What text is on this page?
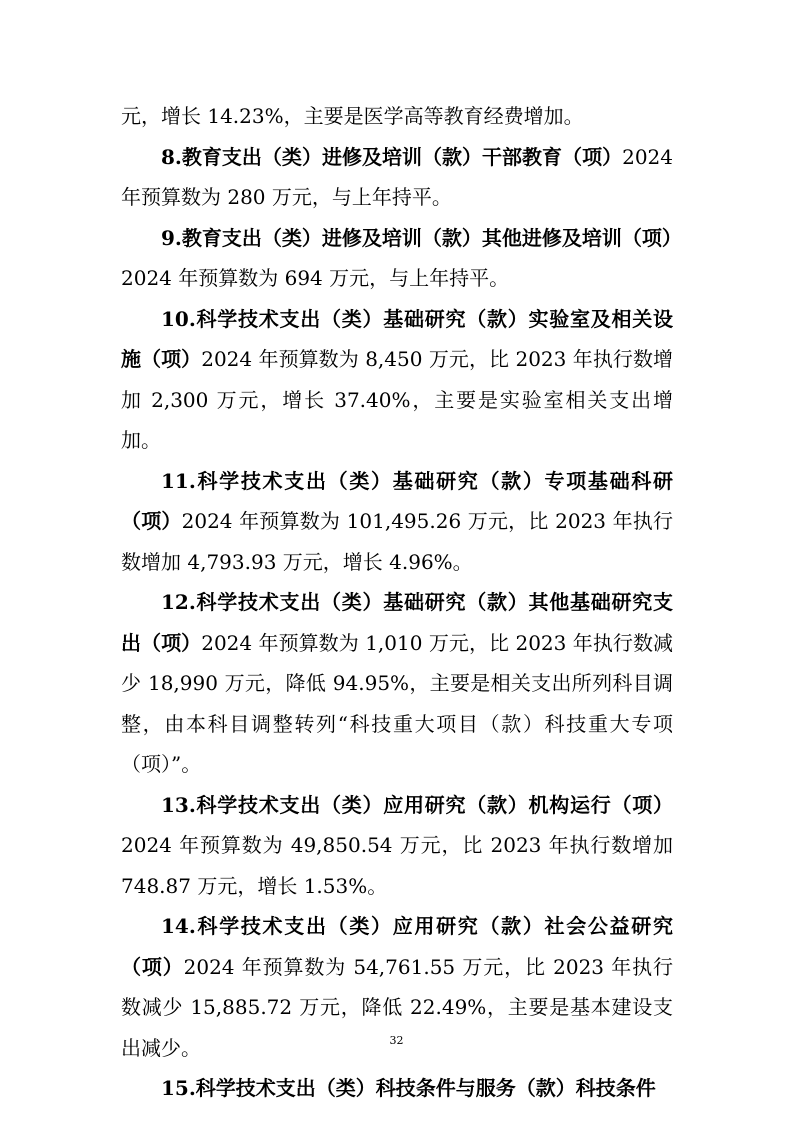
元，增长 14.23%，主要是医学高等教育经费增加。

8.教育支出（类）进修及培训（款）干部教育（项）2024 年预算数为 280 万元，与上年持平。

9.教育支出（类）进修及培训（款）其他进修及培训（项）2024 年预算数为 694 万元，与上年持平。

10.科学技术支出（类）基础研究（款）实验室及相关设施（项）2024 年预算数为 8,450 万元，比 2023 年执行数增加 2,300 万元，增长 37.40%，主要是实验室相关支出增加。

11.科学技术支出（类）基础研究（款）专项基础科研（项）2024 年预算数为 101,495.26 万元，比 2023 年执行数增加 4,793.93 万元，增长 4.96%。

12.科学技术支出（类）基础研究（款）其他基础研究支出（项）2024 年预算数为 1,010 万元，比 2023 年执行数减少 18,990 万元，降低 94.95%，主要是相关支出所列科目调整，由本科目调整转列“科技重大项目（款）科技重大专项（项）”。

13.科学技术支出（类）应用研究（款）机构运行（项）2024 年预算数为 49,850.54 万元，比 2023 年执行数增加 748.87 万元，增长 1.53%。

14.科学技术支出（类）应用研究（款）社会公益研究（项）2024 年预算数为 54,761.55 万元，比 2023 年执行数减少 15,885.72 万元，降低 22.49%，主要是基本建设支出减少。

15.科学技术支出（类）科技条件与服务（款）科技条件

32
